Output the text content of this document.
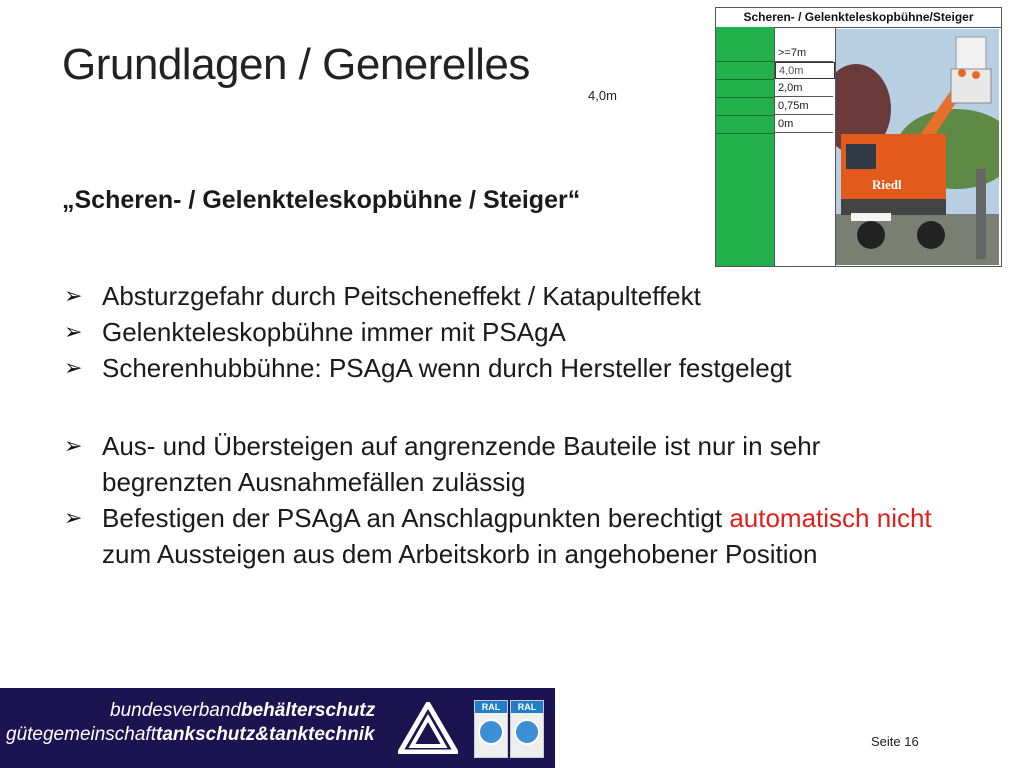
Grundlagen / Generelles
4,0m
„Scheren- / Gelenkteleskopbühne / Steiger“
➢ Absturzgefahr durch Peitscheneffekt / Katapulteffekt
➢ Gelenkteleskopbühne immer mit PSAgA
➢ Scherenhubbühne: PSAgA wenn durch Hersteller festgelegt
➢ Aus- und Übersteigen auf angrenzende Bauteile ist nur in sehr begrenzten Ausnahmefällen zulässig
➢ Befestigen der PSAgA an Anschlagpunkten berechtigt automatisch nicht zum Aussteigen aus dem Arbeitskorb in angehobener Position
Scheren- / Gelenkteleskopbühne/Steiger
>=7m
4,0m
2,0m
0,75m
0m
Riedl
bundesverbandbehälterschutz
gütegemeinschafttankschutz&tanktechnik
RAL	RAL
Seite 16
